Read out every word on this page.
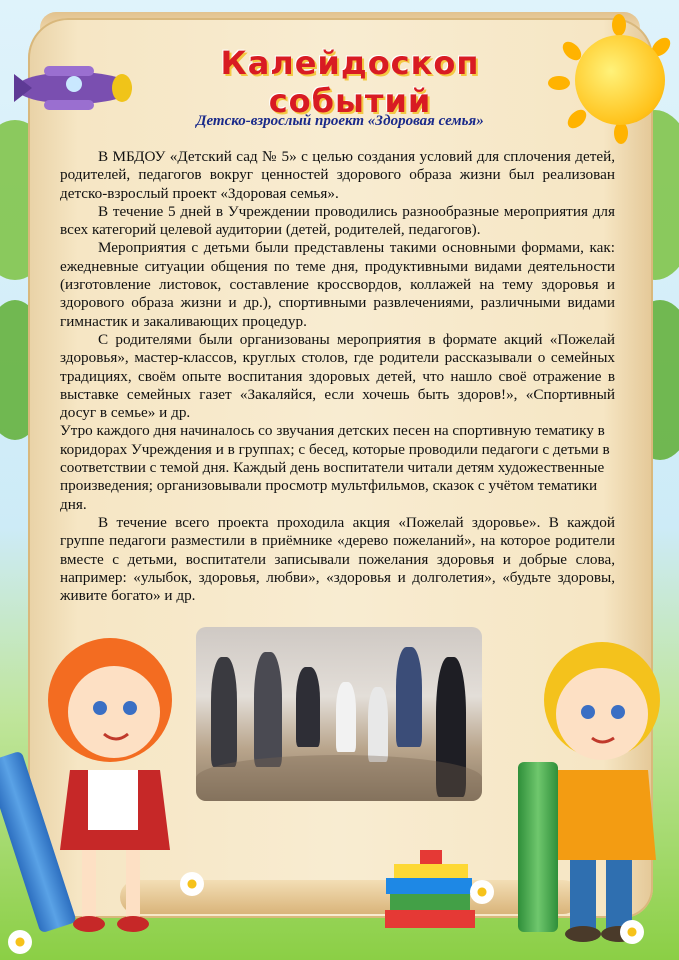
Калейдоскоп событий
Детско-взрослый проект «Здоровая семья»

В МБДОУ «Детский сад № 5» с целью создания условий для сплочения детей, родителей, педагогов вокруг ценностей здорового образа жизни был реализован детско-взрослый проект «Здоровая семья».

В течение 5 дней в Учреждении проводились разнообразные мероприятия для всех категорий целевой аудитории (детей, родителей, педагогов).

Мероприятия с детьми были представлены такими основными формами, как: ежедневные ситуации общения по теме дня, продуктивными видами деятельности (изготовление листовок, составление кроссвордов, коллажей на тему здоровья и здорового образа жизни и др.), спортивными развлечениями, различными видами гимнастик и закаливающих процедур.

С родителями были организованы мероприятия в формате акций «Пожелай здоровья», мастер-классов, круглых столов, где родители рассказывали о семейных традициях, своём опыте воспитания здоровых детей, что нашло своё отражение в выставке семейных газет «Закаляйся, если хочешь быть здоров!», «Спортивный досуг в семье» и др.

Утро каждого дня начиналось со звучания детских песен на спортивную тематику в коридорах Учреждения и в группах; с бесед, которые проводили педагоги с детьми в соответствии с темой дня. Каждый день воспитатели читали детям художественные произведения; организовывали просмотр мультфильмов, сказок с учётом тематики дня.

В течение всего проекта проходила акция «Пожелай здоровье». В каждой группе педагоги разместили в приёмнике «дерево пожеланий», на которое родители вместе с детьми, воспитатели записывали пожелания здоровья и добрые слова, например: «улыбок, здоровья, любви», «здоровья и долголетия», «будьте здоровы, живите богато» и др.
